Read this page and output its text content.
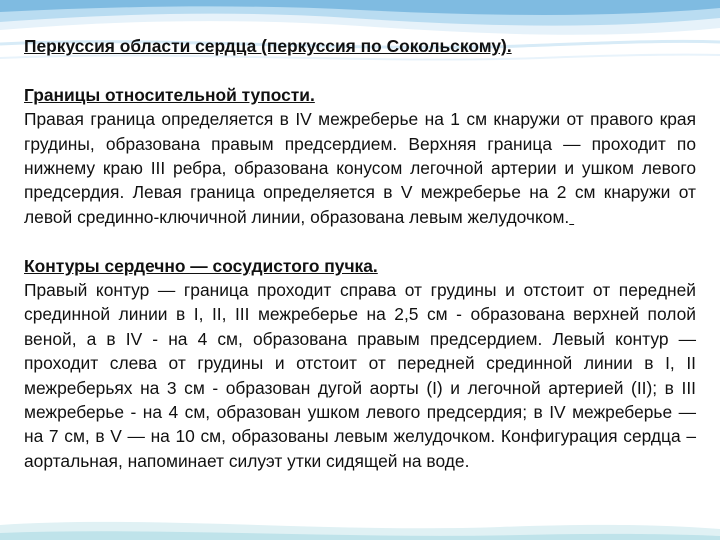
Перкуссия области сердца (перкуссия по Сокольскому).
Границы относительной тупости.
Правая граница определяется в IV межреберье на 1 см кнаружи от правого края грудины, образована правым предсердием. Верхняя граница — проходит по нижнему краю III ребра, образована конусом легочной артерии и ушком левого предсердия. Левая граница определяется в V межреберье на 2 см кнаружи от левой срединно-ключичной линии, образована левым желудочком.
Контуры сердечно — сосудистого пучка.
Правый контур — граница проходит справа от грудины и отстоит от передней срединной линии в I, II, III межреберье на 2,5 см - образована верхней полой веной, а в IV - на 4 см, образована правым предсердием. Левый контур — проходит слева от грудины и отстоит от передней срединной линии в I, II межреберьях на 3 см - образован дугой аорты (I) и легочной артерией (II); в III межреберье - на 4 см, образован ушком левого предсердия; в IV межреберье — на 7 см, в V — на 10 см, образованы левым желудочком. Конфигурация сердца – аортальная, напоминает силуэт утки сидящей на воде.
